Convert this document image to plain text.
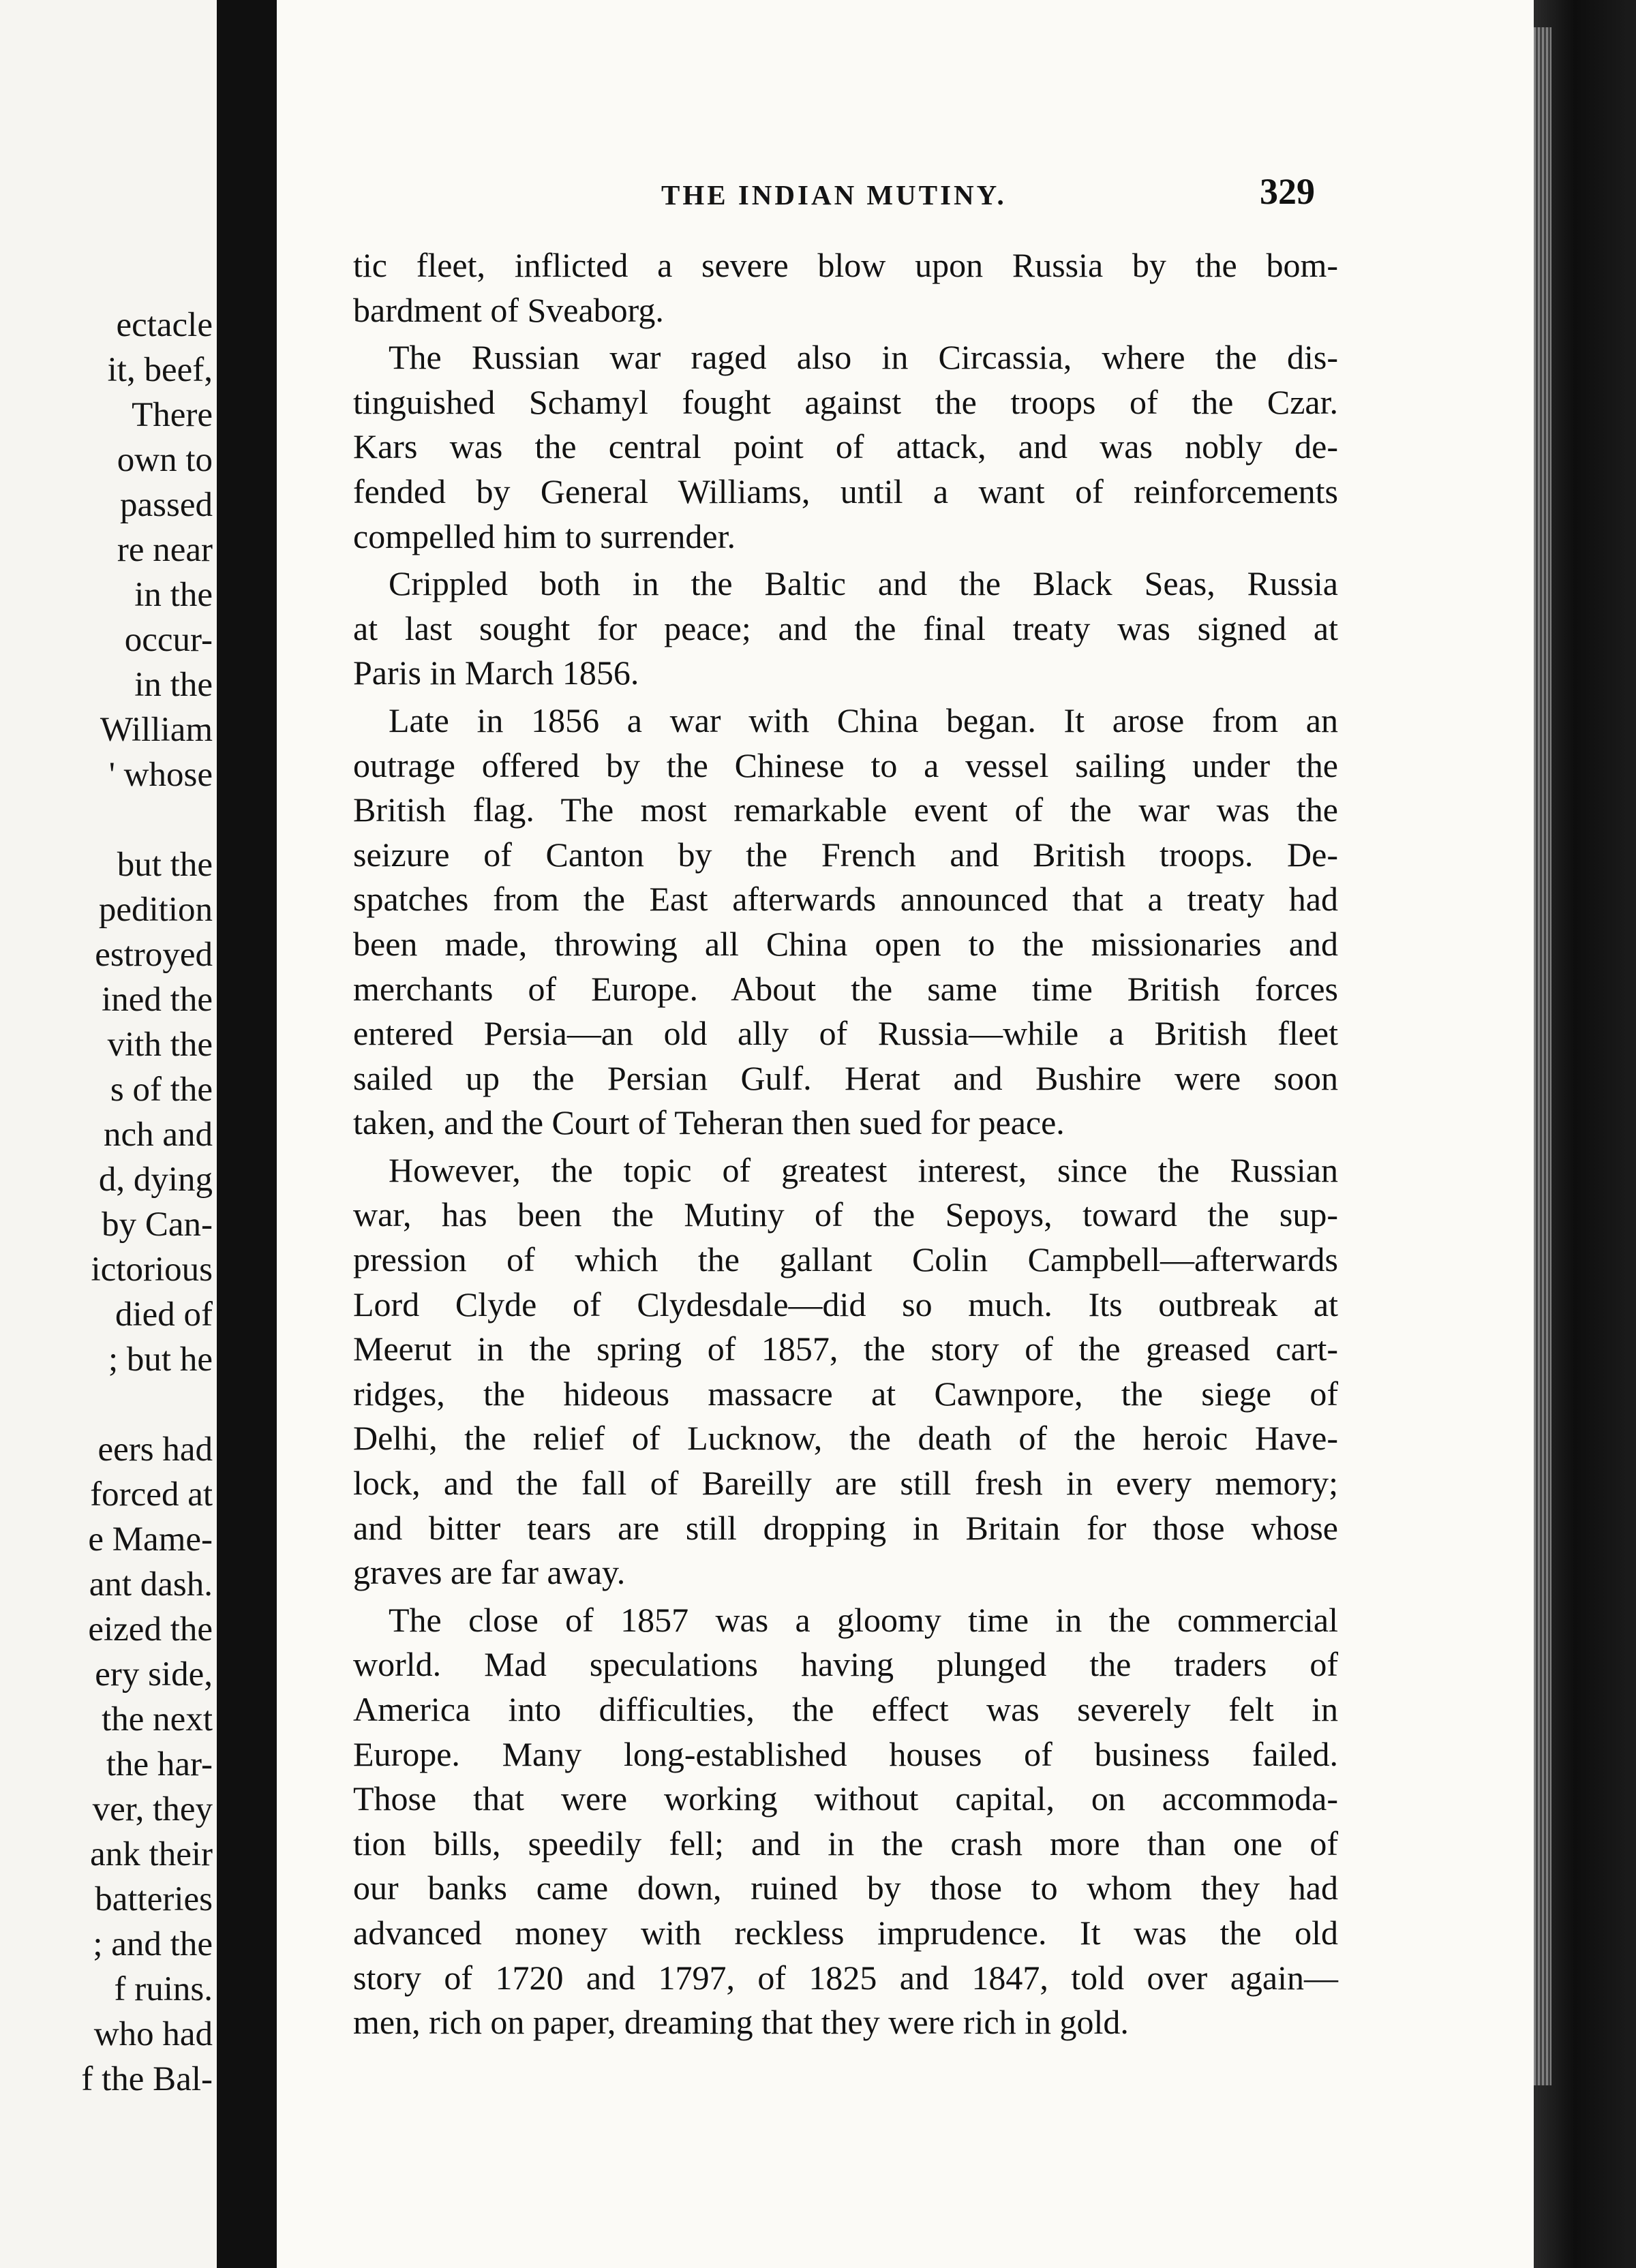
ectacle
it, beef,
There
own to
passed
re near
in the
occur-
in the
William
' whose
but the
pedition
estroyed
ined the
vith the
s of the
nch and
d, dying
by Can-
ictorious
died of
; but he
eers had
forced at
e Mame-
ant dash.
eized the
ery side,
the next
the har-
ver, they
ank their
batteries
; and the
f ruins.
who had
f the Bal-
THE INDIAN MUTINY.	329
tic fleet, inflicted a severe blow upon Russia by the bom-
bardment of Sveaborg.
The Russian war raged also in Circassia, where the dis-
tinguished Schamyl fought against the troops of the Czar.
Kars was the central point of attack, and was nobly de-
fended by General Williams, until a want of reinforcements
compelled him to surrender.
Crippled both in the Baltic and the Black Seas, Russia
at last sought for peace; and the final treaty was signed at
Paris in March 1856.
Late in 1856 a war with China began. It arose from an
outrage offered by the Chinese to a vessel sailing under the
British flag. The most remarkable event of the war was the
seizure of Canton by the French and British troops. De-
spatches from the East afterwards announced that a treaty had
been made, throwing all China open to the missionaries and
merchants of Europe. About the same time British forces
entered Persia—an old ally of Russia—while a British fleet
sailed up the Persian Gulf. Herat and Bushire were soon
taken, and the Court of Teheran then sued for peace.
However, the topic of greatest interest, since the Russian
war, has been the Mutiny of the Sepoys, toward the sup-
pression of which the gallant Colin Campbell—afterwards
Lord Clyde of Clydesdale—did so much. Its outbreak at
Meerut in the spring of 1857, the story of the greased cart-
ridges, the hideous massacre at Cawnpore, the siege of
Delhi, the relief of Lucknow, the death of the heroic Have-
lock, and the fall of Bareilly are still fresh in every memory;
and bitter tears are still dropping in Britain for those whose
graves are far away.
The close of 1857 was a gloomy time in the commercial
world. Mad speculations having plunged the traders of
America into difficulties, the effect was severely felt in
Europe. Many long-established houses of business failed.
Those that were working without capital, on accommoda-
tion bills, speedily fell; and in the crash more than one of
our banks came down, ruined by those to whom they had
advanced money with reckless imprudence. It was the old
story of 1720 and 1797, of 1825 and 1847, told over again—
men, rich on paper, dreaming that they were rich in gold.
